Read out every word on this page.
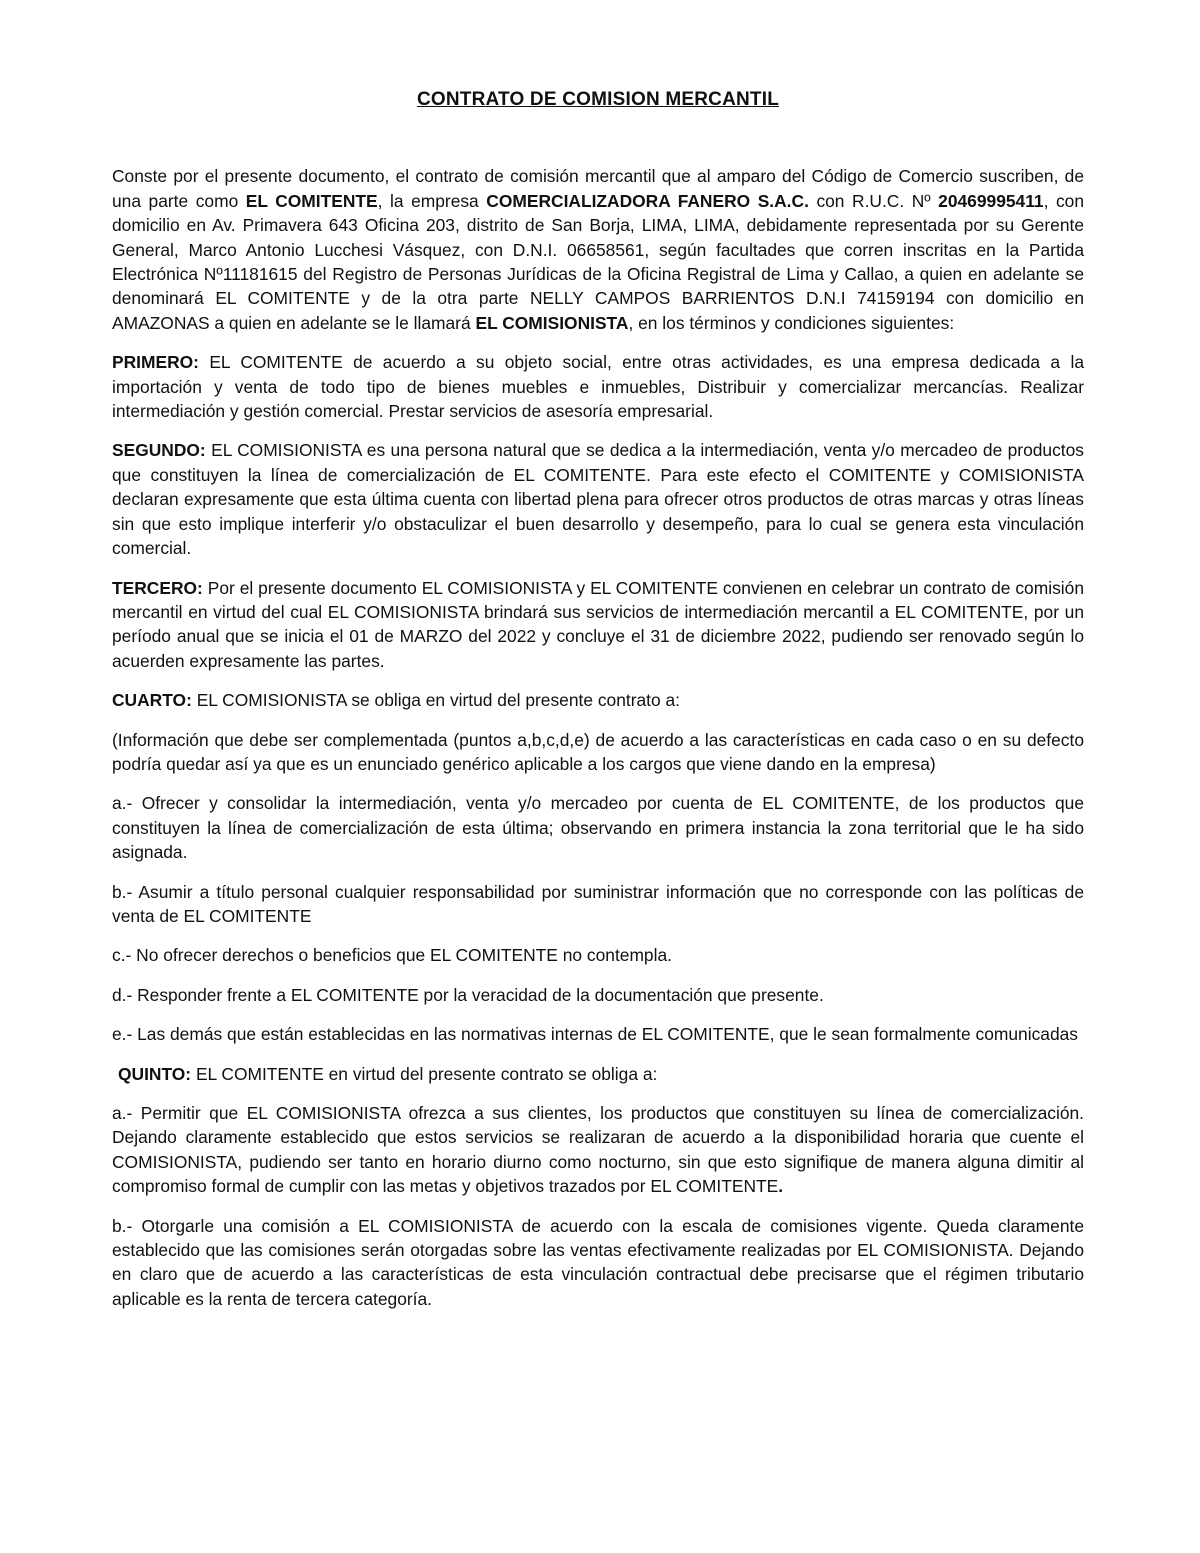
CONTRATO DE COMISION MERCANTIL

Conste por el presente documento, el contrato de comisión mercantil que al amparo del Código de Comercio suscriben, de una parte como EL COMITENTE, la empresa COMERCIALIZADORA FANERO S.A.C. con R.U.C. Nº 20469995411, con domicilio en Av. Primavera 643 Oficina 203, distrito de San Borja, LIMA, LIMA, debidamente representada por su Gerente General, Marco Antonio Lucchesi Vásquez, con D.N.I. 06658561, según facultades que corren inscritas en la Partida Electrónica Nº11181615 del Registro de Personas Jurídicas de la Oficina Registral de Lima y Callao, a quien en adelante se denominará EL COMITENTE y de la otra parte NELLY CAMPOS BARRIENTOS D.N.I 74159194 con domicilio en AMAZONAS a quien en adelante se le llamará EL COMISIONISTA, en los términos y condiciones siguientes:

PRIMERO: EL COMITENTE de acuerdo a su objeto social, entre otras actividades, es una empresa dedicada a la importación y venta de todo tipo de bienes muebles e inmuebles, Distribuir y comercializar mercancías. Realizar intermediación y gestión comercial. Prestar servicios de asesoría empresarial.

SEGUNDO: EL COMISIONISTA es una persona natural que se dedica a la intermediación, venta y/o mercadeo de productos que constituyen la línea de comercialización de EL COMITENTE. Para este efecto el COMITENTE y COMISIONISTA declaran expresamente que esta última cuenta con libertad plena para ofrecer otros productos de otras marcas y otras líneas sin que esto implique interferir y/o obstaculizar el buen desarrollo y desempeño, para lo cual se genera esta vinculación comercial.

TERCERO: Por el presente documento EL COMISIONISTA y EL COMITENTE convienen en celebrar un contrato de comisión mercantil en virtud del cual EL COMISIONISTA brindará sus servicios de intermediación mercantil a EL COMITENTE, por un período anual que se inicia el 01 de MARZO del 2022 y concluye el 31 de diciembre 2022, pudiendo ser renovado según lo acuerden expresamente las partes.

CUARTO: EL COMISIONISTA se obliga en virtud del presente contrato a:

(Información que debe ser complementada (puntos a,b,c,d,e) de acuerdo a las características en cada caso o en su defecto podría quedar así ya que es un enunciado genérico aplicable a los cargos que viene dando en la empresa)

a.- Ofrecer y consolidar la intermediación, venta y/o mercadeo por cuenta de EL COMITENTE, de los productos que constituyen la línea de comercialización de esta última; observando en primera instancia la zona territorial que le ha sido asignada.

b.- Asumir a título personal cualquier responsabilidad por suministrar información que no corresponde con las políticas de venta de EL COMITENTE

c.- No ofrecer derechos o beneficios que EL COMITENTE no contempla.

d.- Responder frente a EL COMITENTE por la veracidad de la documentación que presente.

e.- Las demás que están establecidas en las normativas internas de EL COMITENTE, que le sean formalmente comunicadas

QUINTO: EL COMITENTE en virtud del presente contrato se obliga a:

a.- Permitir que EL COMISIONISTA ofrezca a sus clientes, los productos que constituyen su línea de comercialización. Dejando claramente establecido que estos servicios se realizaran de acuerdo a la disponibilidad horaria que cuente el COMISIONISTA, pudiendo ser tanto en horario diurno como nocturno, sin que esto signifique de manera alguna dimitir al compromiso formal de cumplir con las metas y objetivos trazados por EL COMITENTE.

b.- Otorgarle una comisión a EL COMISIONISTA de acuerdo con la escala de comisiones vigente. Queda claramente establecido que las comisiones serán otorgadas sobre las ventas efectivamente realizadas por EL COMISIONISTA. Dejando en claro que de acuerdo a las características de esta vinculación contractual debe precisarse que el régimen tributario aplicable es la renta de tercera categoría.
